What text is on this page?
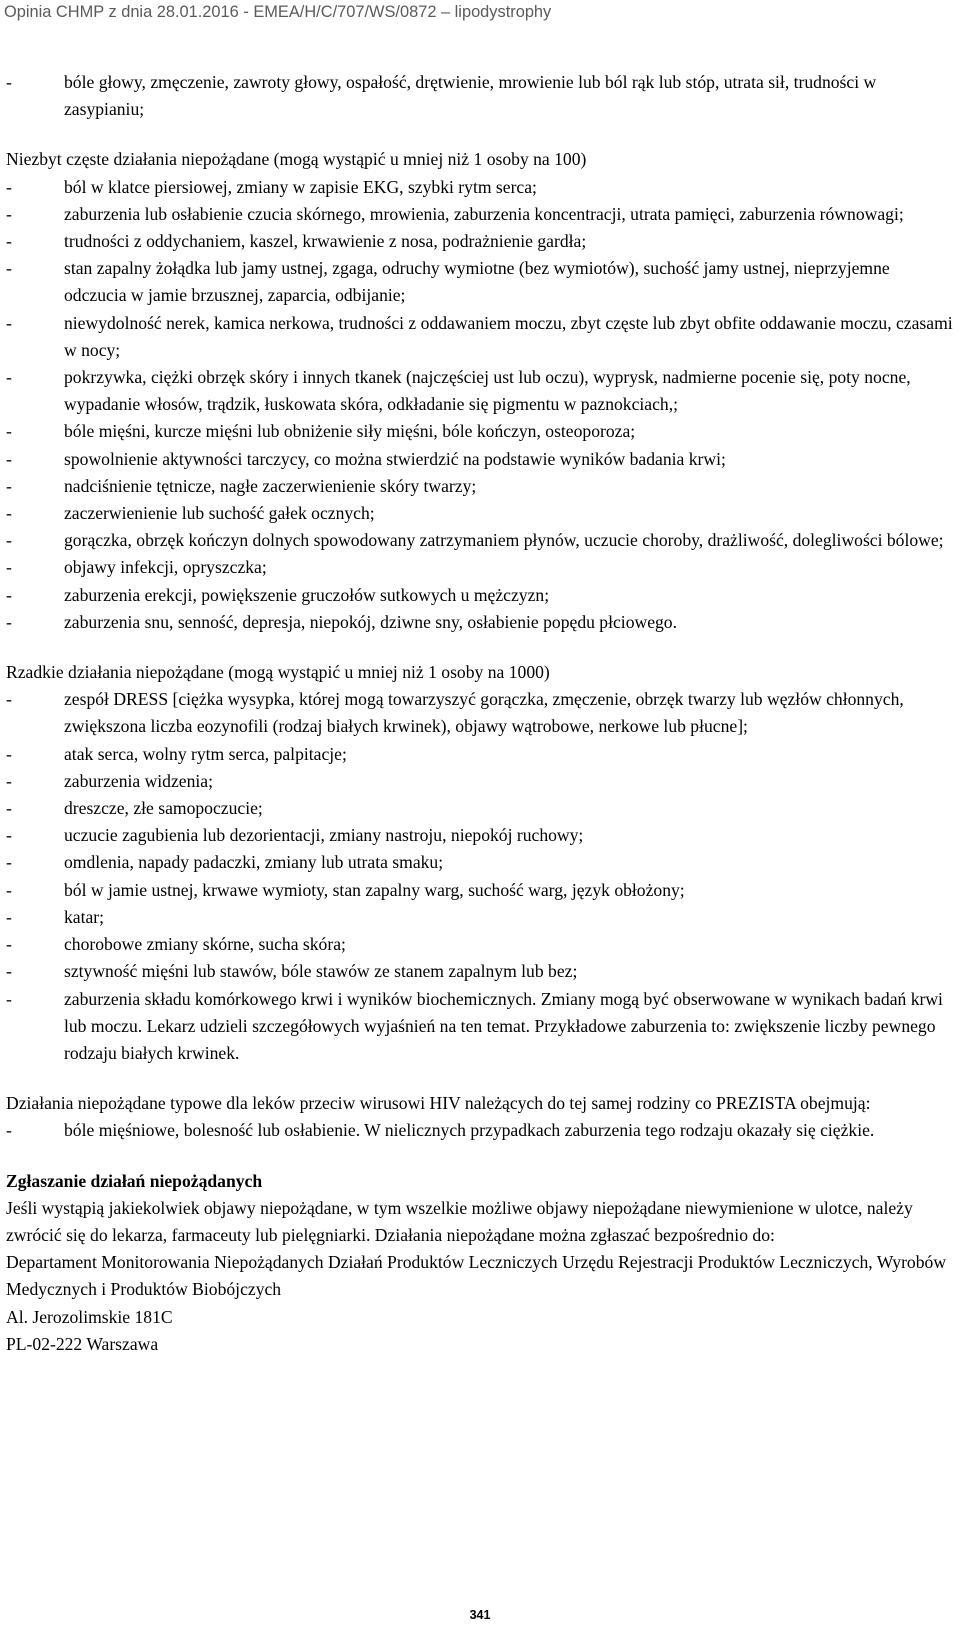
Opinia CHMP z dnia 28.01.2016 - EMEA/H/C/707/WS/0872 – lipodystrophy
-	bóle głowy, zmęczenie, zawroty głowy, ospałość, drętwienie, mrowienie lub ból rąk lub stóp, utrata sił, trudności w zasypianiu;

Niezbyt częste działania niepożądane (mogą wystąpić u mniej niż 1 osoby na 100)

-	ból w klatce piersiowej, zmiany w zapisie EKG, szybki rytm serca;
-	zaburzenia lub osłabienie czucia skórnego, mrowienia, zaburzenia koncentracji, utrata pamięci, zaburzenia równowagi;
-	trudności z oddychaniem, kaszel, krwawienie z nosa, podrażnienie gardła;
-	stan zapalny żołądka lub jamy ustnej, zgaga, odruchy wymiotne (bez wymiotów), suchość jamy ustnej, nieprzyjemne odczucia w jamie brzusznej, zaparcia, odbijanie;
-	niewydolność nerek, kamica nerkowa, trudności z oddawaniem moczu, zbyt częste lub zbyt obfite oddawanie moczu, czasami w nocy;
-	pokrzywka, ciężki obrzęk skóry i innych tkanek (najczęściej ust lub oczu), wyprysk, nadmierne pocenie się, poty nocne, wypadanie włosów, trądzik, łuskowata skóra, odkładanie się pigmentu w paznokciach,;
-	bóle mięśni, kurcze mięśni lub obniżenie siły mięśni, bóle kończyn, osteoporoza;
-	spowolnienie aktywności tarczycy, co można stwierdzić na podstawie wyników badania krwi;
-	nadciśnienie tętnicze, nagłe zaczerwienienie skóry twarzy;
-	zaczerwienienie lub suchość gałek ocznych;
-	gorączka, obrzęk kończyn dolnych spowodowany zatrzymaniem płynów, uczucie choroby, drażliwość, dolegliwości bólowe;
-	objawy infekcji, opryszczka;
-	zaburzenia erekcji, powiększenie gruczołów sutkowych u mężczyzn;
-	zaburzenia snu, senność, depresja, niepokój, dziwne sny, osłabienie popędu płciowego.

Rzadkie działania niepożądane (mogą wystąpić u mniej niż 1 osoby na 1000)

-	zespół DRESS [ciężka wysypka, której mogą towarzyszyć gorączka, zmęczenie, obrzęk twarzy lub węzłów chłonnych, zwiększona liczba eozynofili (rodzaj białych krwinek), objawy wątrobowe, nerkowe lub płucne];
-	atak serca, wolny rytm serca, palpitacje;
-	zaburzenia widzenia;
-	dreszcze, złe samopoczucie;
-	uczucie zagubienia lub dezorientacji, zmiany nastroju, niepokój ruchowy;
-	omdlenia, napady padaczki, zmiany lub utrata smaku;
-	ból w jamie ustnej, krwawe wymioty, stan zapalny warg, suchość warg, język obłożony;
-	katar;
-	chorobowe zmiany skórne, sucha skóra;
-	sztywność mięśni lub stawów, bóle stawów ze stanem zapalnym lub bez;
-	zaburzenia składu komórkowego krwi i wyników biochemicznych. Zmiany mogą być obserwowane w wynikach badań krwi lub moczu. Lekarz udzieli szczegółowych wyjaśnień na ten temat. Przykładowe zaburzenia to: zwiększenie liczby pewnego rodzaju białych krwinek.

Działania niepożądane typowe dla leków przeciw wirusowi HIV należących do tej samej rodziny co PREZISTA obejmują:

-	bóle mięśniowe, bolesność lub osłabienie. W nielicznych przypadkach zaburzenia tego rodzaju okazały się ciężkie.

Zgłaszanie działań niepożądanych

Jeśli wystąpią jakiekolwiek objawy niepożądane, w tym wszelkie możliwe objawy niepożądane niewymienione w ulotce, należy zwrócić się do lekarza, farmaceuty lub pielęgniarki. Działania niepożądane można zgłaszać bezpośrednio do:

Departament Monitorowania Niepożądanych Działań Produktów Leczniczych Urzędu Rejestracji Produktów Leczniczych, Wyrobów Medycznych i Produktów Biobójczych

Al. Jerozolimskie 181C

PL-02-222 Warszawa

341
